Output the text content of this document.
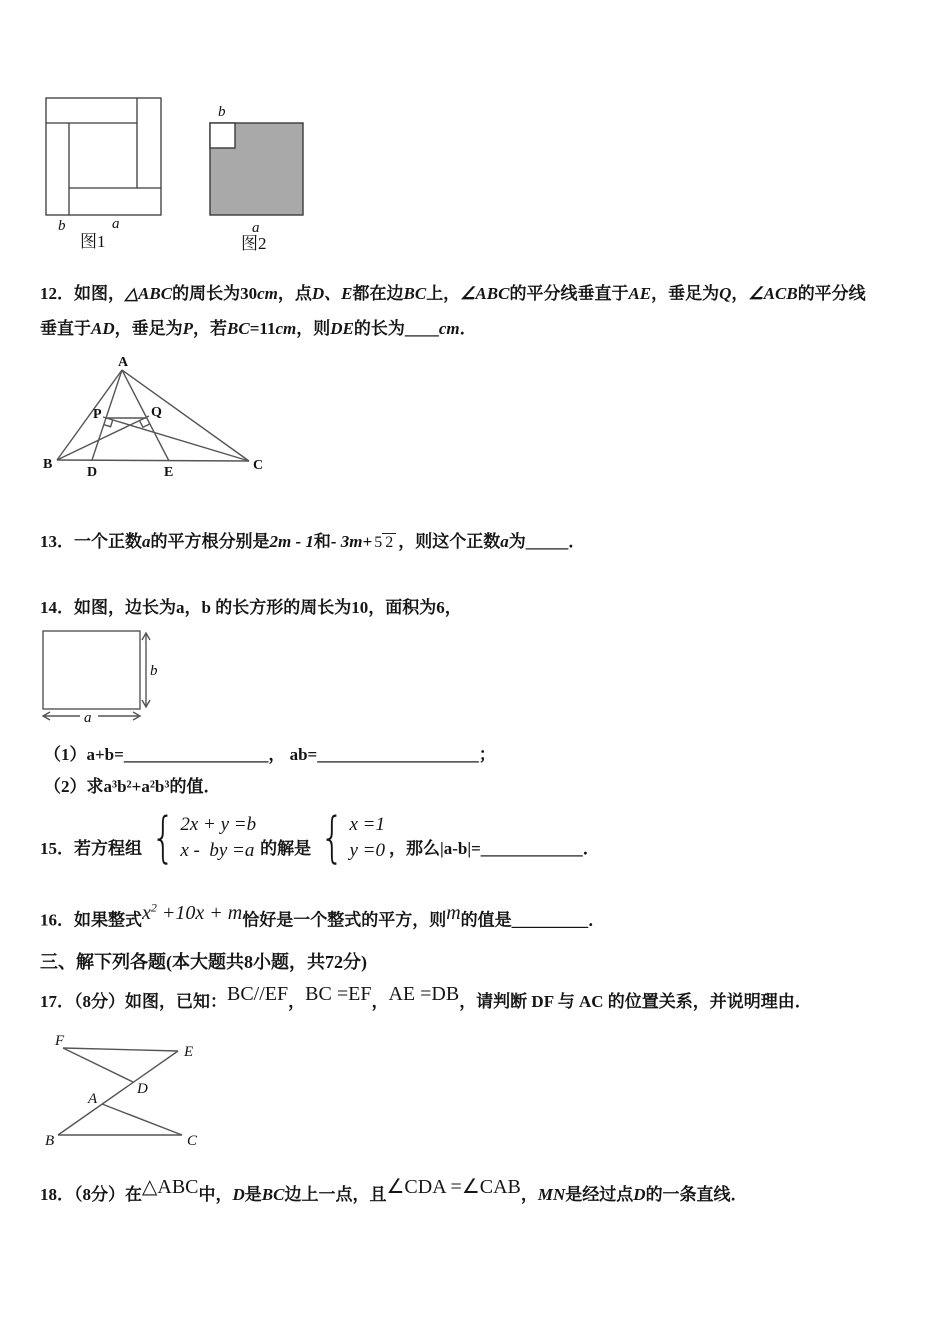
b	a
图1
b
a
图2
12．如图，△ABC的周长为30cm，点D、E都在边BC上，∠ABC的平分线垂直于AE，垂足为Q，∠ACB的平分线
垂直于AD，垂足为P，若BC=11cm，则DE的长为____cm．
A
B	C
D	E
P	Q
13．一个正数a的平方根分别是2m - 1和- 3m+ 5 2 ，则这个正数a为_____．
14．如图，边长为a，b 的长方形的周长为10，面积为6，
b
a
（1）a+b=_________________， ab=___________________；
（2）求a³b²+a²b³的值．
15．若方程组 { 2x + y =b
x -  by =a 的解是 { x =1
y =0 ，那么 |a-b|= ____________ ．
16．如果整式$x^2 +10x + m$恰好是一个整式的平方，则m的值是_________．
三、解下列各题(本大题共8小题，共72分)
17．（8分）如图，已知：BC//EF，BC =EF，AE =DB，请判断 DF 与 AC 的位置关系，并说明理由．
F
E
D
A
B	C
18．（8分）在△ABC中，D是BC边上一点，且∠CDA =∠CAB，MN是经过点D的一条直线．
